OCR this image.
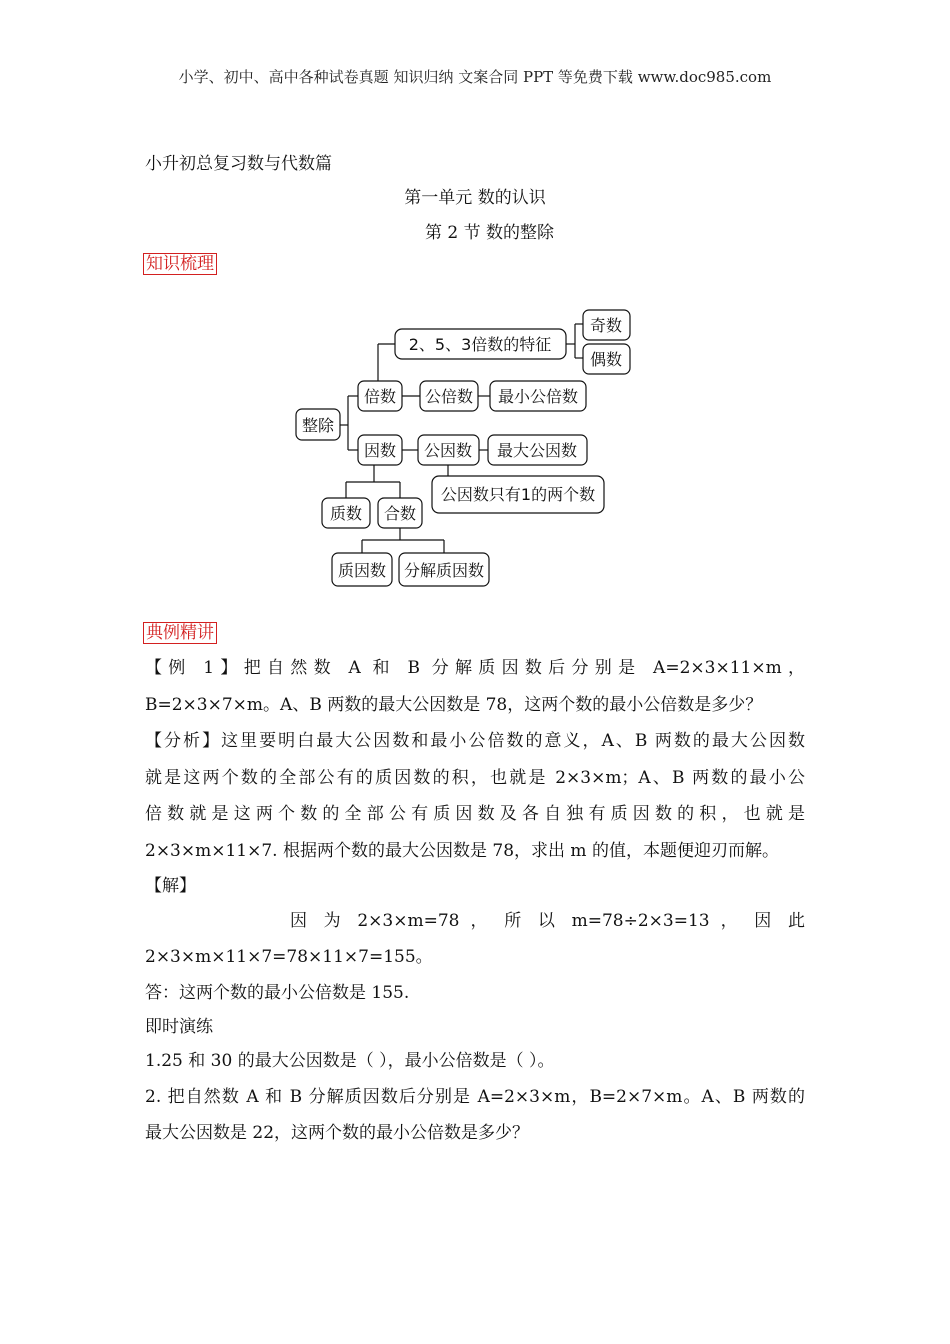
小学、初中、高中各种试卷真题 知识归纳 文案合同 PPT 等免费下载 www.doc985.com
小升初总复习数与代数篇
第一单元 数的认识
第 2 节 数的整除
知识梳理
整除
倍数
2、5、3倍数的特征
奇数
偶数
公倍数 最小公倍数
因数 公因数 最大公因数
公因数只有1的两个数
质数 合数
质因数 分解质因数
典例精讲
【例 1】把自然数 A 和 B 分解质因数后分别是 A=2×3×11×m，
B=2×3×7×m。A、B 两数的最大公因数是 78，这两个数的最小公倍数是多少？
【分析】这里要明白最大公因数和最小公倍数的意义，A、B 两数的最大公因数
就是这两个数的全部公有的质因数的积，也就是 2×3×m；A、B 两数的最小公
倍数就是这两个数的全部公有质因数及各自独有质因数的积，也就是
2×3×m×11×7. 根据两个数的最大公因数是 78，求出 m 的值，本题便迎刃而解。
【解】
因 为 2×3×m=78 ， 所 以 m=78÷2×3=13 ， 因 此
2×3×m×11×7=78×11×7=155。
答：这两个数的最小公倍数是 155.
即时演练
1.25 和 30 的最大公因数是（ ），最小公倍数是（ ）。
2. 把自然数 A 和 B 分解质因数后分别是 A=2×3×m，B=2×7×m。A、B 两数的
最大公因数是 22，这两个数的最小公倍数是多少？
